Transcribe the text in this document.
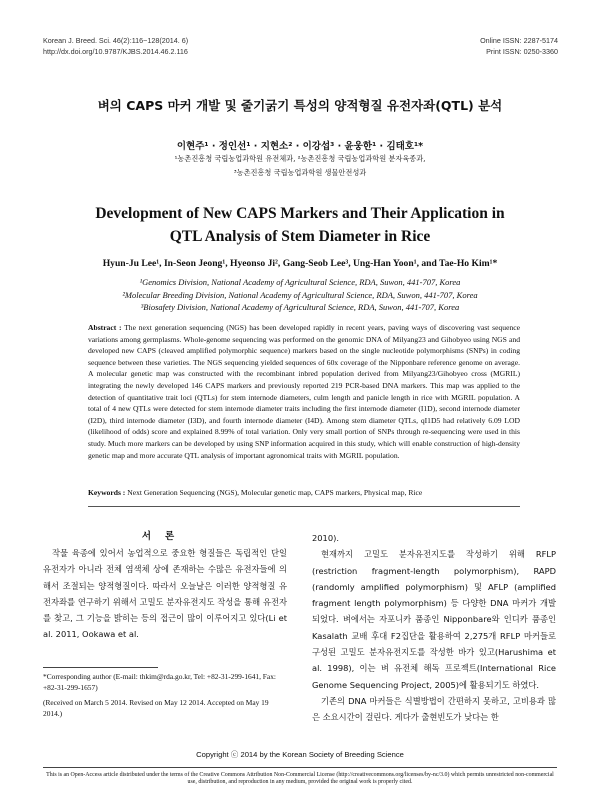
Korean J. Breed. Sci. 46(2):116~128(2014. 6)
http://dx.doi.org/10.9787/KJBS.2014.46.2.116
Online ISSN: 2287-5174
Print ISSN: 0250-3360
벼의 CAPS 마커 개발 및 줄기굵기 특성의 양적형질 유전자좌(QTL) 분석
이현주¹ · 정인선¹ · 지현소² · 이강섭³ · 윤웅한¹ · 김태호¹*
¹농촌진흥청 국립농업과학원 유전체과, ²농촌진흥청 국립농업과학원 분자육종과,
³농촌진흥청 국립농업과학원 생물안전성과
Development of New CAPS Markers and Their Application in
QTL Analysis of Stem Diameter in Rice
Hyun-Ju Lee¹, In-Seon Jeong¹, Hyeonso Ji², Gang-Seob Lee³, Ung-Han Yoon¹, and Tae-Ho Kim¹*
¹Genomics Division, National Academy of Agricultural Science, RDA, Suwon, 441-707, Korea
²Molecular Breeding Division, National Academy of Agricultural Science, RDA, Suwon, 441-707, Korea
³Biosafety Division, National Academy of Agricultural Science, RDA, Suwon, 441-707, Korea
Abstract : The next generation sequencing (NGS) has been developed rapidly in recent years, paving ways of discovering vast sequence variations among germplasms. Whole-genome sequencing was performed on the genomic DNA of Milyang23 and Gihobyeo using NGS and developed new CAPS (cleaved amplified polymorphic sequence) markers based on the single nucleotide polymorphisms (SNPs) in coding sequence between these varieties. The NGS sequencing yielded sequences of 60x coverage of the Nipponbare reference genome on average. A molecular genetic map was constructed with the recombinant inbred population derived from Milyang23/Gihobyeo cross (MGRIL) integrating the newly developed 146 CAPS markers and previously reported 219 PCR-based DNA markers. This map was applied to the detection of quantitative trait loci (QTLs) for stem internode diameters, culm length and panicle length in rice with MGRIL population. A total of 4 new QTLs were detected for stem internode diameter traits including the first internode diameter (I1D), second internode diameter (I2D), third internode diameter (I3D), and fourth internode diameter (I4D). Among stem diameter QTLs, qI1D5 had relatively 6.09 LOD (likelihood of odds) score and explained 8.99% of total variation. Only very small portion of SNPs through re-sequencing were used in this study. Much more markers can be developed by using SNP information acquired in this study, which will enable construction of high-density genetic map and more accurate QTL analysis of important agronomical traits with MGRIL population.
Keywords : Next Generation Sequencing (NGS), Molecular genetic map, CAPS markers, Physical map, Rice
서론

작물 육종에 있어서 농업적으로 중요한 형질들은 독립적인 단일 유전자가 아니라 전체 염색체 상에 존재하는 수많은 유전자들에 의해서 조절되는 양적형질이다. 따라서 오늘날은 이러한 양적형질 유전자좌를 연구하기 위해서 고밀도 분자유전지도 작성을 통해 유전자를 찾고, 그 기능을 밝히는 등의 접근이 많이 이루어지고 있다(Li et al. 2011, Ookawa et al.

*Corresponding author (E-mail: thkim@rda.go.kr, Tel: +82-31-299-1641, Fax: +82-31-299-1657)

(Received on March 5 2014. Revised on May 12 2014. Accepted on May 19 2014.)

2010).

현재까지 고밀도 분자유전지도를 작성하기 위해 RFLP (restriction fragment-length polymorphism), RAPD (randomly amplified polymorphism) 및 AFLP (amplified fragment length polymorphism) 등 다양한 DNA 마커가 개발되었다. 벼에서는 자포니카 품종인 Nipponbare와 인디카 품종인 Kasalath 교배 후대 F2집단을 활용하여 2,275개 RFLP 마커들로 구성된 고밀도 분자유전지도를 작성한 바가 있고(Harushima et al. 1998), 이는 벼 유전체 해독 프로젝트(International Rice Genome Sequencing Project, 2005)에 활용되기도 하였다.

기존의 DNA 마커들은 식별방법이 간편하지 못하고, 고비용과 많은 소요시간이 걸린다. 게다가 출현빈도가 낮다는 한

Copyright ⓒ 2014 by the Korean Society of Breeding Science
This is an Open-Access article distributed under the terms of the Creative Commons Attribution Non-Commercial License (http://creativecommons.org/licenses/by-nc/3.0) which permits unrestricted non-commercial use, distribution, and reproduction in any medium, provided the original work is properly cited.
